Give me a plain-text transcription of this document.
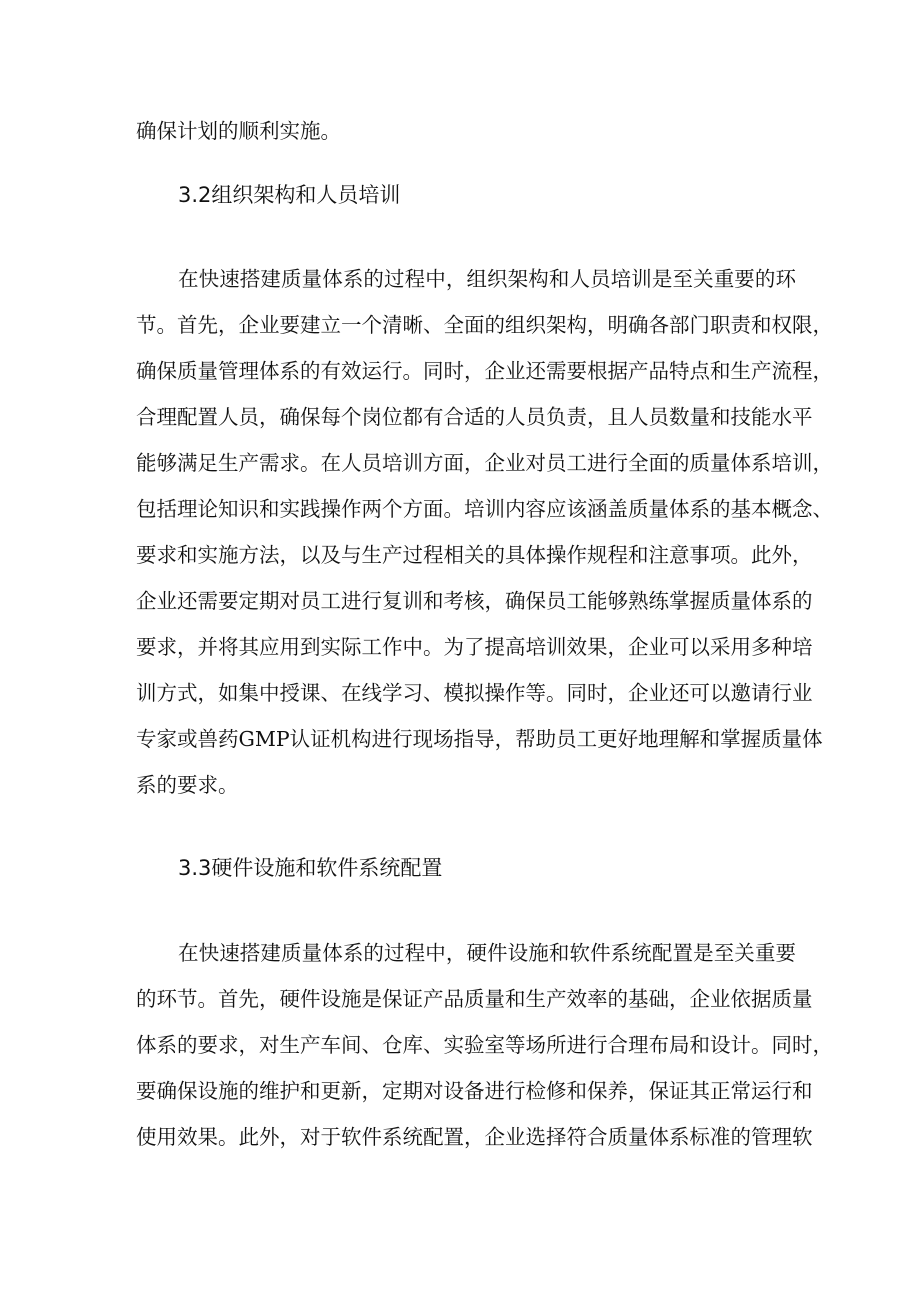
确保计划的顺利实施。
3.2组织架构和人员培训
在快速搭建质量体系的过程中，组织架构和人员培训是至关重要的环
节。首先，企业要建立一个清晰、全面的组织架构，明确各部门职责和权限，
确保质量管理体系的有效运行。同时，企业还需要根据产品特点和生产流程，
合理配置人员，确保每个岗位都有合适的人员负责，且人员数量和技能水平
能够满足生产需求。在人员培训方面，企业对员工进行全面的质量体系培训，
包括理论知识和实践操作两个方面。培训内容应该涵盖质量体系的基本概念、
要求和实施方法，以及与生产过程相关的具体操作规程和注意事项。此外，
企业还需要定期对员工进行复训和考核，确保员工能够熟练掌握质量体系的
要求，并将其应用到实际工作中。为了提高培训效果，企业可以采用多种培
训方式，如集中授课、在线学习、模拟操作等。同时，企业还可以邀请行业
专家或兽药GMP认证机构进行现场指导，帮助员工更好地理解和掌握质量体
系的要求。
3.3硬件设施和软件系统配置
在快速搭建质量体系的过程中，硬件设施和软件系统配置是至关重要
的环节。首先，硬件设施是保证产品质量和生产效率的基础，企业依据质量
体系的要求，对生产车间、仓库、实验室等场所进行合理布局和设计。同时，
要确保设施的维护和更新，定期对设备进行检修和保养，保证其正常运行和
使用效果。此外，对于软件系统配置，企业选择符合质量体系标准的管理软
